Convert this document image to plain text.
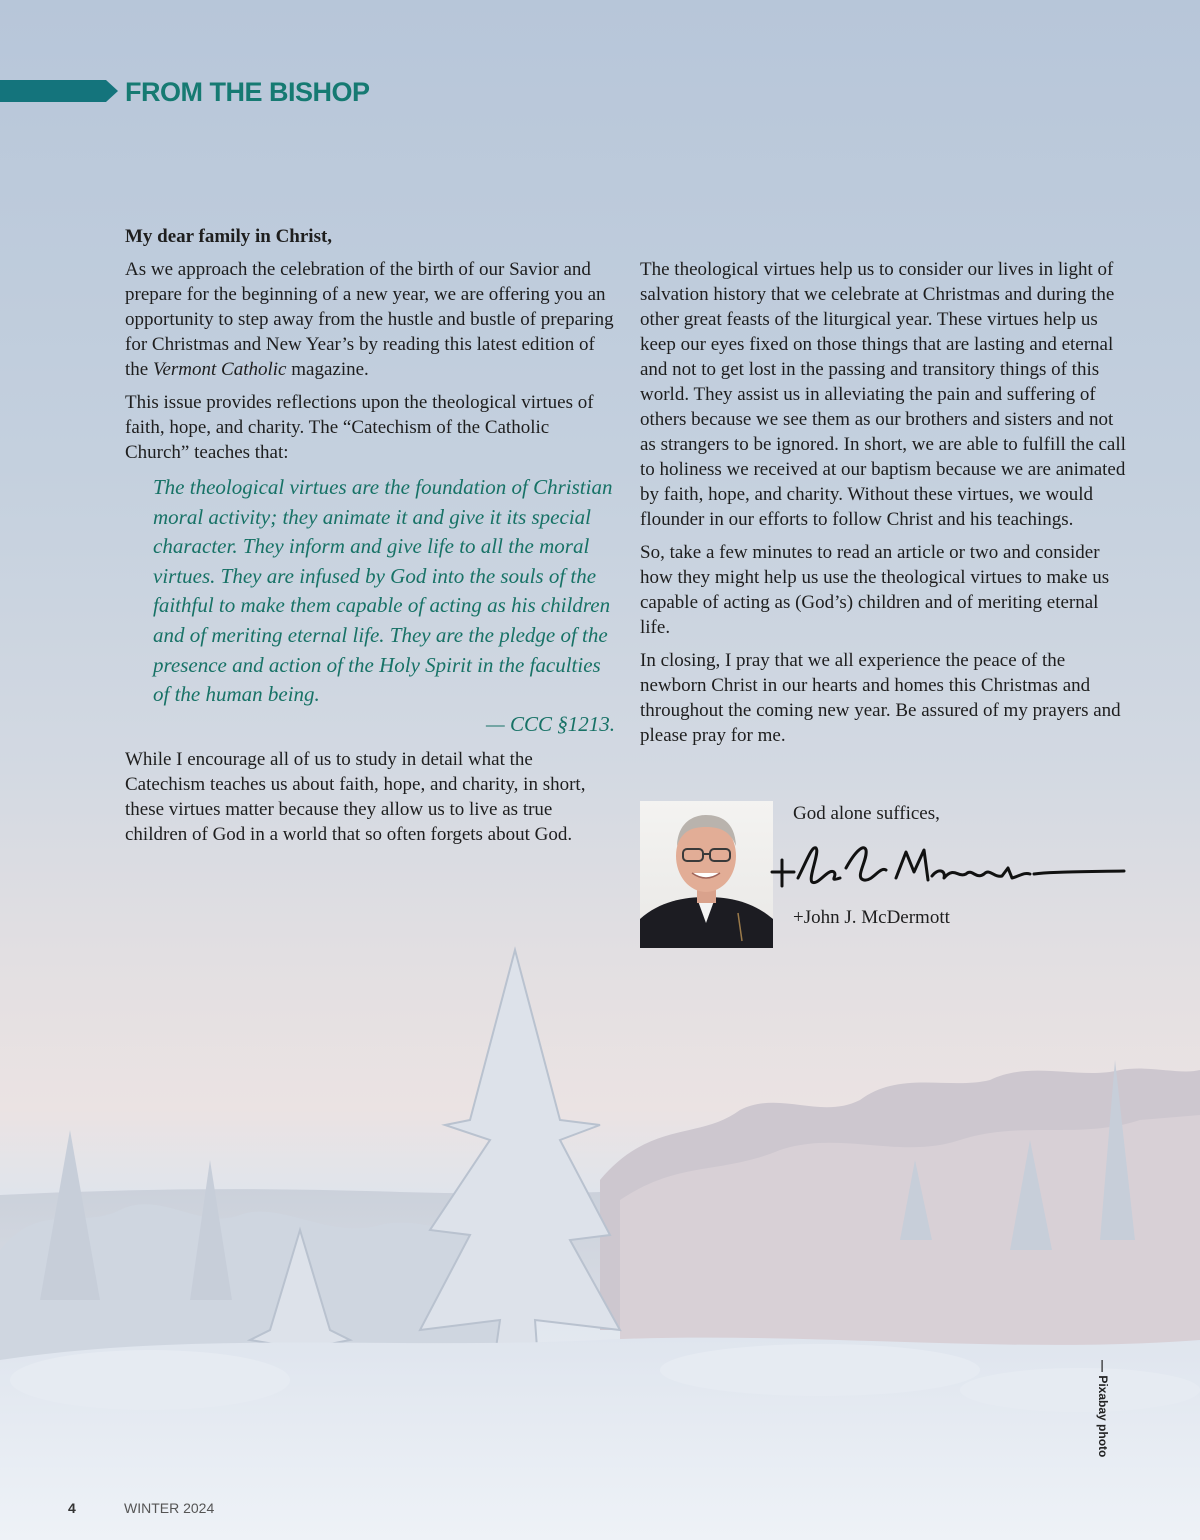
FROM THE BISHOP

My dear family in Christ,

As we approach the celebration of the birth of our Savior and prepare for the beginning of a new year, we are offering you an opportunity to step away from the hustle and bustle of preparing for Christmas and New Year’s by reading this latest edition of the Vermont Catholic magazine.

This issue provides reflections upon the theological virtues of faith, hope, and charity. The “Catechism of the Catholic Church” teaches that:

The theological virtues are the foundation of Christian moral activity; they animate it and give it its special character. They inform and give life to all the moral virtues. They are infused by God into the souls of the faithful to make them capable of acting as his children and of meriting eternal life. They are the pledge of the presence and action of the Holy Spirit in the faculties of the human being.
— CCC §1213.

While I encourage all of us to study in detail what the Catechism teaches us about faith, hope, and charity, in short, these virtues matter because they allow us to live as true children of God in a world that so often forgets about God.

The theological virtues help us to consider our lives in light of salvation history that we celebrate at Christmas and during the other great feasts of the liturgical year. These virtues help us keep our eyes fixed on those things that are lasting and eternal and not to get lost in the passing and transitory things of this world. They assist us in alleviating the pain and suffering of others because we see them as our brothers and sisters and not as strangers to be ignored. In short, we are able to fulfill the call to holiness we received at our baptism because we are animated by faith, hope, and charity. Without these virtues, we would flounder in our efforts to follow Christ and his teachings.

So, take a few minutes to read an article or two and consider how they might help us use the theological virtues to make us capable of acting as (God’s) children and of meriting eternal life.

In closing, I pray that we all experience the peace of the newborn Christ in our hearts and homes this Christmas and throughout the coming new year. Be assured of my prayers and please pray for me.

God alone suffices,

+John J. McDermott

— Pixabay photo

4	WINTER 2024
